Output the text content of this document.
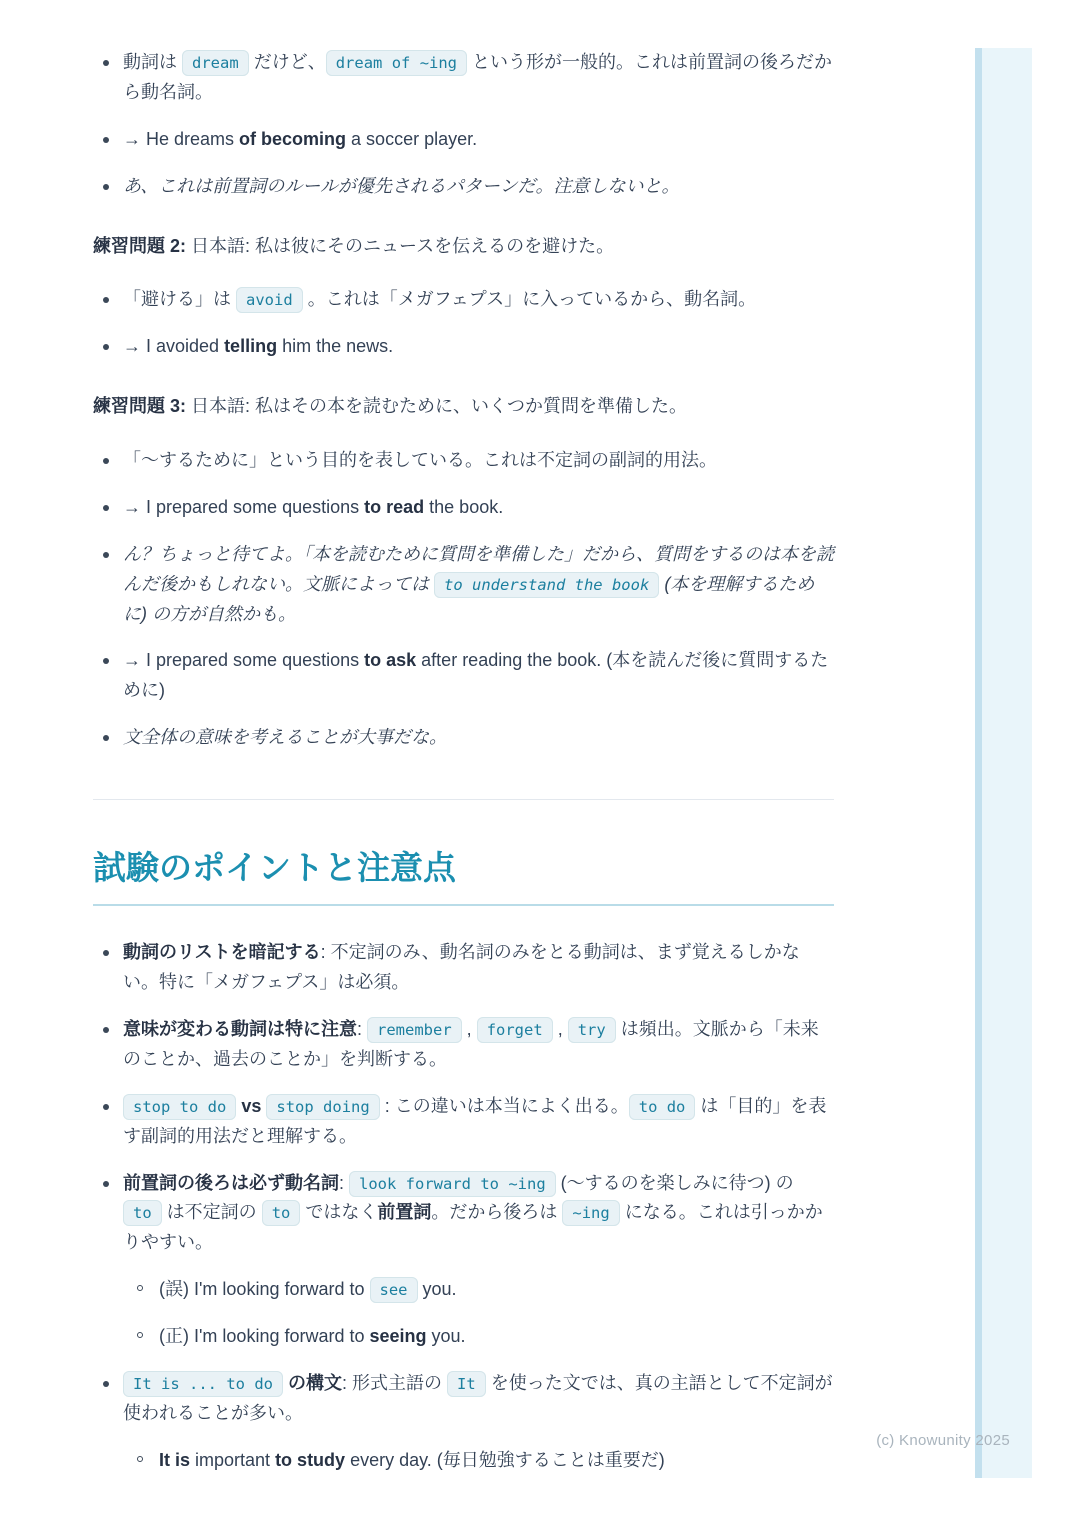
動詞は dream だけど、 dream of ~ing という形が一般的。これは前置詞の後ろだから動名詞。
→ He dreams of becoming a soccer player.
あ、これは前置詞のルールが優先されるパターンだ。注意しないと。

練習問題 2: 日本語: 私は彼にそのニュースを伝えるのを避けた。

「避ける」は avoid 。これは「メガフェプス」に入っているから、動名詞。
→ I avoided telling him the news.

練習問題 3: 日本語: 私はその本を読むために、いくつか質問を準備した。

「〜するために」という目的を表している。これは不定詞の副詞的用法。
→ I prepared some questions to read the book.
ん？ちょっと待てよ。「本を読むために質問を準備した」だから、質問をするのは本を読んだ後かもしれない。文脈によっては to understand the book (本を理解するために) の方が自然かも。
→ I prepared some questions to ask after reading the book. (本を読んだ後に質問するために)
文全体の意味を考えることが大事だな。
試験のポイントと注意点
動詞のリストを暗記する: 不定詞のみ、動名詞のみをとる動詞は、まず覚えるしかない。特に「メガフェプス」は必須。
意味が変わる動詞は特に注意: remember , forget , try は頻出。文脈から「未来のことか、過去のことか」を判断する。
stop to do vs stop doing : この違いは本当によく出る。 to do は「目的」を表す副詞的用法だと理解する。
前置詞の後ろは必ず動名詞: look forward to ~ing (〜するのを楽しみに待つ) の to は不定詞の to ではなく前置詞。だから後ろは ~ing になる。これは引っかかりやすい。
(誤) I'm looking forward to see you.
(正) I'm looking forward to seeing you.
It is ... to do の構文: 形式主語の It を使った文では、真の主語として不定詞が使われることが多い。
It is important to study every day. (毎日勉強することは重要だ)
(c) Knowunity 2025
